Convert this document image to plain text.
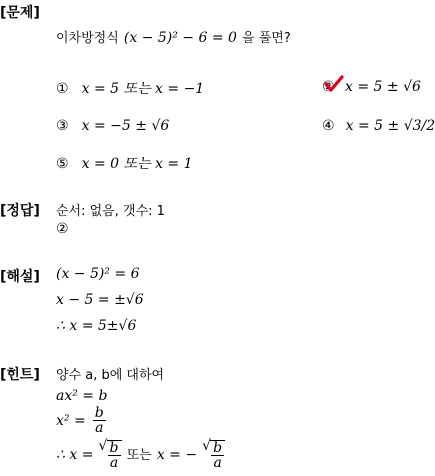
[문제]
[정답]
[해설]
[힌트]
이차방정식 (x − 5)² − 6 = 0 을 풀면?
① x = 5 또는 x = −1	② x = 5 ± √6
③ x = −5 ± √6	④ x = 5 ± √3/2
⑤ x = 0 또는 x = 1
순서: 없음, 갯수: 1
②
(x − 5)² = 6
x − 5 = ±√6
∴ x = 5±√6
양수 a, b에 대하여
ax² = b
$x^2 = \frac{b}{a}$
∴ x =
√ $\frac{b}{a}$ 또는 x = −
√ $\frac{b}{a}$
